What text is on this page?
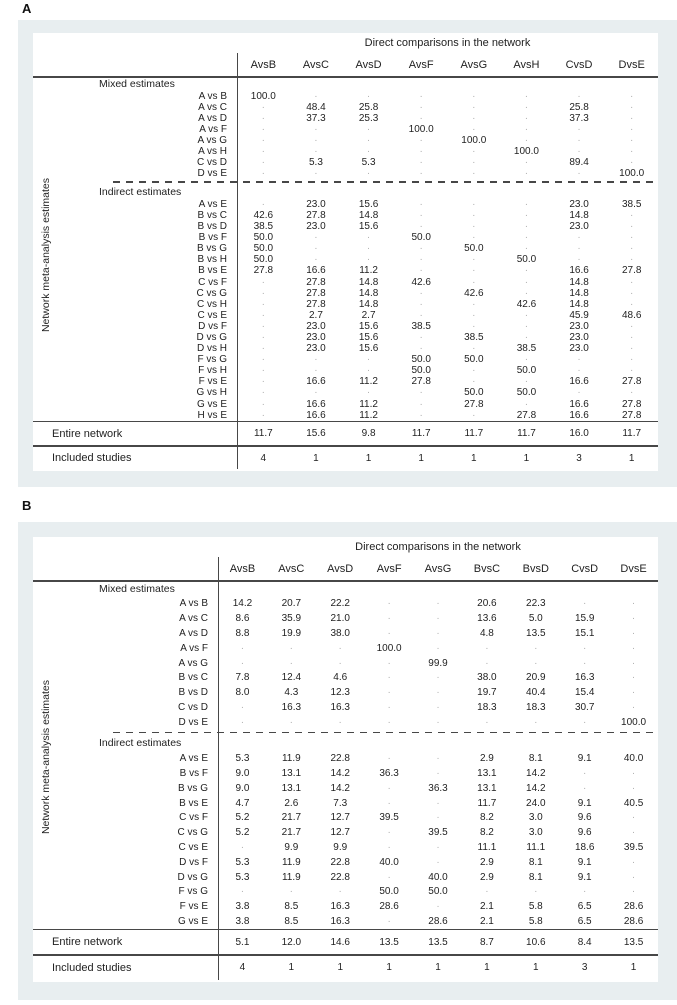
A
Direct comparisons in the network
AvsB	AvsC	AvsD	AvsF	AvsG	AvsH	CvsD	DvsE
Mixed estimates
A vs B	100.0	·	·	·	·	·	·	·
A vs C	·	48.4	25.8	·	·	·	25.8	·
A vs D	·	37.3	25.3	·	·	·	37.3	·
A vs F	·	·	·	100.0	·	·	·	·
A vs G	·	·	·	·	100.0	·	·	·
A vs H	·	·	·	·	·	100.0	·	·
C vs D	·	5.3	5.3	·	·	·	89.4	·
D vs E	·	·	·	·	·	·	·	100.0
Indirect estimates
A vs E	·	23.0	15.6	·	·	·	23.0	38.5
B vs C	42.6	27.8	14.8	·	·	·	14.8	·
B vs D	38.5	23.0	15.6	·	·	·	23.0	·
B vs F	50.0	·	·	50.0	·	·	·	·
B vs G	50.0	·	·	·	50.0	·	·	·
B vs H	50.0	·	·	·	·	50.0	·	·
B vs E	27.8	16.6	11.2	·	·	·	16.6	27.8
C vs F	·	27.8	14.8	42.6	·	·	14.8	·
C vs G	·	27.8	14.8	·	42.6	·	14.8	·
C vs H	·	27.8	14.8	·	·	42.6	14.8	·
C vs E	·	2.7	2.7	·	·	·	45.9	48.6
D vs F	·	23.0	15.6	38.5	·	·	23.0	·
D vs G	·	23.0	15.6	·	38.5	·	23.0	·
D vs H	·	23.0	15.6	·	·	38.5	23.0	·
F vs G	·	·	·	50.0	50.0	·	·	·
F vs H	·	·	·	50.0	·	50.0	·	·
F vs E	·	16.6	11.2	27.8	·	·	16.6	27.8
G vs H	·	·	·	·	50.0	50.0	·	·
G vs E	·	16.6	11.2	·	27.8	·	16.6	27.8
H vs E	·	16.6	11.2	·	·	27.8	16.6	27.8
Entire network	11.7	15.6	9.8	11.7	11.7	11.7	16.0	11.7
Included studies	4	1	1	1	1	1	3	1
Network meta-analysis estimates
B
Direct comparisons in the network
AvsB	AvsC	AvsD	AvsF	AvsG	BvsC	BvsD	CvsD	DvsE
Mixed estimates
A vs B	14.2	20.7	22.2	·	·	20.6	22.3	·	·
A vs C	8.6	35.9	21.0	·	·	13.6	5.0	15.9	·
A vs D	8.8	19.9	38.0	·	·	4.8	13.5	15.1	·
A vs F	·	·	·	100.0	·	·	·	·	·
A vs G	·	·	·	·	99.9	·	·	·	·
B vs C	7.8	12.4	4.6	·	·	38.0	20.9	16.3	·
B vs D	8.0	4.3	12.3	·	·	19.7	40.4	15.4	·
C vs D	·	16.3	16.3	·	·	18.3	18.3	30.7	·
D vs E	·	·	·	·	·	·	·	·	100.0
Indirect estimates
A vs E	5.3	11.9	22.8	·	·	2.9	8.1	9.1	40.0
B vs F	9.0	13.1	14.2	36.3	·	13.1	14.2	·	·
B vs G	9.0	13.1	14.2	·	36.3	13.1	14.2	·	·
B vs E	4.7	2.6	7.3	·	·	11.7	24.0	9.1	40.5
C vs F	5.2	21.7	12.7	39.5	·	8.2	3.0	9.6	·
C vs G	5.2	21.7	12.7	·	39.5	8.2	3.0	9.6	·
C vs E	·	9.9	9.9	·	·	11.1	11.1	18.6	39.5
D vs F	5.3	11.9	22.8	40.0	·	2.9	8.1	9.1	·
D vs G	5.3	11.9	22.8	·	40.0	2.9	8.1	9.1	·
F vs G	·	·	·	50.0	50.0	·	·	·	·
F vs E	3.8	8.5	16.3	28.6	·	2.1	5.8	6.5	28.6
G vs E	3.8	8.5	16.3	·	28.6	2.1	5.8	6.5	28.6
Entire network	5.1	12.0	14.6	13.5	13.5	8.7	10.6	8.4	13.5
Included studies	4	1	1	1	1	1	1	3	1
Network meta-analysis estimates
